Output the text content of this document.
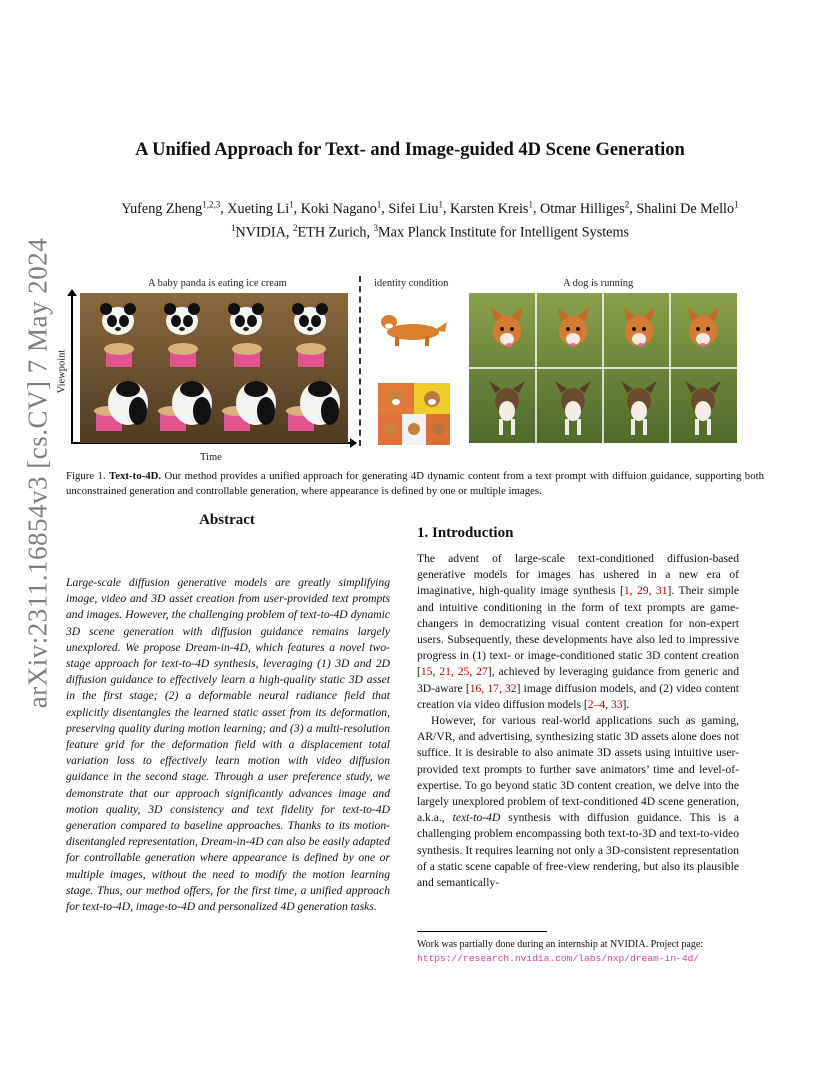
arXiv:2311.16854v3 [cs.CV] 7 May 2024
A Unified Approach for Text- and Image-guided 4D Scene Generation
Yufeng Zheng$^{1,2,3}$, Xueting Li$^1$, Koki Nagano$^1$, Sifei Liu$^1$, Karsten Kreis$^1$, Otmar Hilliges$^2$, Shalini De Mello$^1$
$^1$NVIDIA, $^2$ETH Zurich, $^3$Max Planck Institute for Intelligent Systems
A baby panda is eating ice cream	identity condition	A dog is running
Viewpoint
Time
Figure 1. Text-to-4D. Our method provides a unified approach for generating 4D dynamic content from a text prompt with diffuion guidance, supporting both unconstrained generation and controllable generation, where appearance is defined by one or multiple images.
Abstract
Large-scale diffusion generative models are greatly simplifying image, video and 3D asset creation from user-provided text prompts and images. However, the challenging problem of text-to-4D dynamic 3D scene generation with diffusion guidance remains largely unexplored. We propose Dream-in-4D, which features a novel two-stage approach for text-to-4D synthesis, leveraging (1) 3D and 2D diffusion guidance to effectively learn a high-quality static 3D asset in the first stage; (2) a deformable neural radiance field that explicitly disentangles the learned static asset from its deformation, preserving quality during motion learning; and (3) a multi-resolution feature grid for the deformation field with a displacement total variation loss to effectively learn motion with video diffusion guidance in the second stage. Through a user preference study, we demonstrate that our approach significantly advances image and motion quality, 3D consistency and text fidelity for text-to-4D generation compared to baseline approaches. Thanks to its motion-disentangled representation, Dream-in-4D can also be easily adapted for controllable generation where appearance is defined by one or multiple images, without the need to modify the motion learning stage. Thus, our method offers, for the first time, a unified approach for text-to-4D, image-to-4D and personalized 4D generation tasks.
1. Introduction

The advent of large-scale text-conditioned diffusion-based generative models for images has ushered in a new era of imaginative, high-quality image synthesis [1, 29, 31]. Their simple and intuitive conditioning in the form of text prompts are game-changers in democratizing visual content creation for non-expert users. Subsequently, these developments have also led to impressive progress in (1) text- or image-conditioned static 3D content creation [15, 21, 25, 27], achieved by leveraging guidance from generic and 3D-aware [16, 17, 32] image diffusion models, and (2) video content creation via video diffusion models [2–4, 33].

However, for various real-world applications such as gaming, AR/VR, and advertising, synthesizing static 3D assets alone does not suffice. It is desirable to also animate 3D assets using intuitive user-provided text prompts to further save animators’ time and level-of-expertise. To go beyond static 3D content creation, we delve into the largely unexplored problem of text-conditioned 4D scene generation, a.k.a., text-to-4D synthesis with diffusion guidance. This is a challenging problem encompassing both text-to-3D and text-to-video synthesis. It requires learning not only a 3D-consistent representation of a static scene capable of free-view rendering, but also its plausible and semantically-

Work was partially done during an internship at NVIDIA. Project page:
https://research.nvidia.com/labs/nxp/dream-in-4d/
